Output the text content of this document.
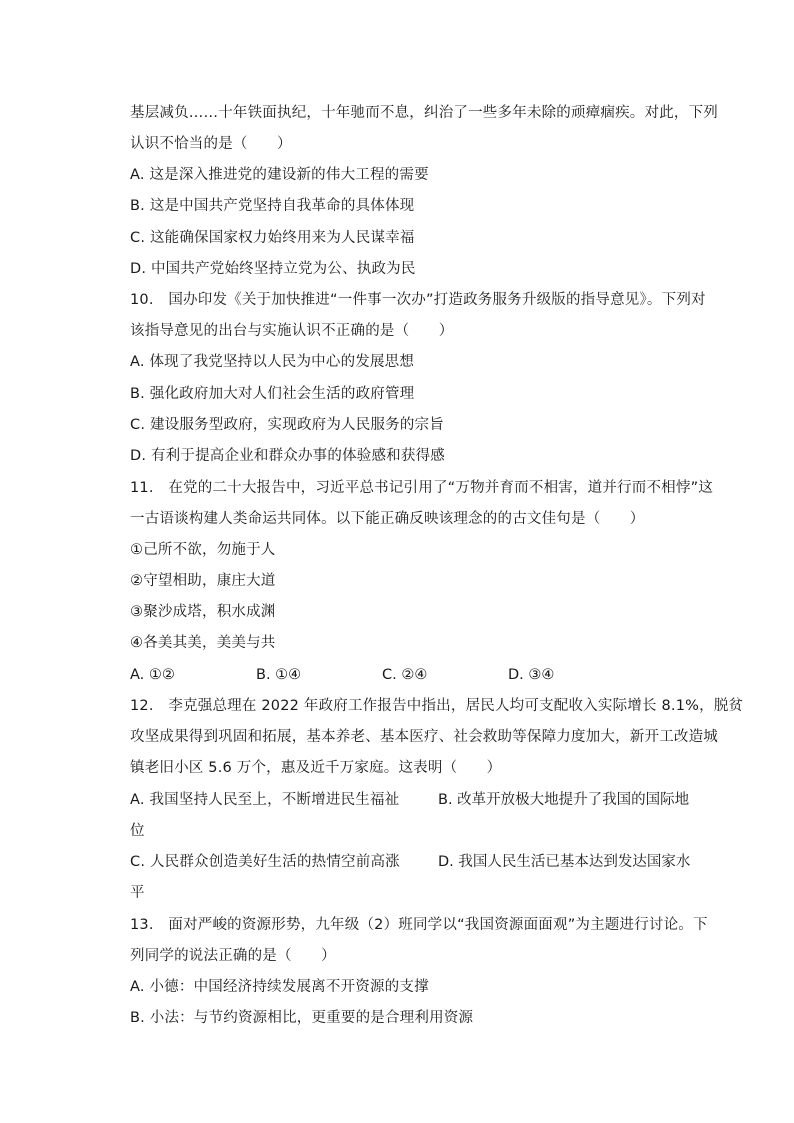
基层减负……十年铁面执纪，十年驰而不息，纠治了一些多年未除的顽瘴痼疾。对此，下列
认识不恰当的是（　　）
A. 这是深入推进党的建设新的伟大工程的需要
B. 这是中国共产党坚持自我革命的具体体现
C. 这能确保国家权力始终用来为人民谋幸福
D. 中国共产党始终坚持立党为公、执政为民
10.　国办印发《关于加快推进“一件事一次办”打造政务服务升级版的指导意见》。下列对
该指导意见的出台与实施认识不正确的是（　　）
A. 体现了我党坚持以人民为中心的发展思想
B. 强化政府加大对人们社会生活的政府管理
C. 建设服务型政府，实现政府为人民服务的宗旨
D. 有利于提高企业和群众办事的体验感和获得感
11.　在党的二十大报告中，习近平总书记引用了“万物并育而不相害，道并行而不相悖”这
一古语谈构建人类命运共同体。以下能正确反映该理念的的古文佳句是（　　）
①己所不欲，勿施于人
②守望相助，康庄大道
③聚沙成塔，积水成渊
④各美其美，美美与共
A. ①②	B. ①④	C. ②④	D. ③④
12.　李克强总理在 2022 年政府工作报告中指出，居民人均可支配收入实际增长 8.1%，脱贫
攻坚成果得到巩固和拓展，基本养老、基本医疗、社会救助等保障力度加大，新开工改造城
镇老旧小区 5.6 万个，惠及近千万家庭。这表明（　　）
A. 我国坚持人民至上，不断增进民生福祉	B. 改革开放极大地提升了我国的国际地
位
C. 人民群众创造美好生活的热情空前高涨	D. 我国人民生活已基本达到发达国家水
平
13.　面对严峻的资源形势，九年级（2）班同学以“我国资源面面观”为主题进行讨论。下
列同学的说法正确的是（　　）
A. 小德：中国经济持续发展离不开资源的支撑
B. 小法：与节约资源相比，更重要的是合理利用资源
